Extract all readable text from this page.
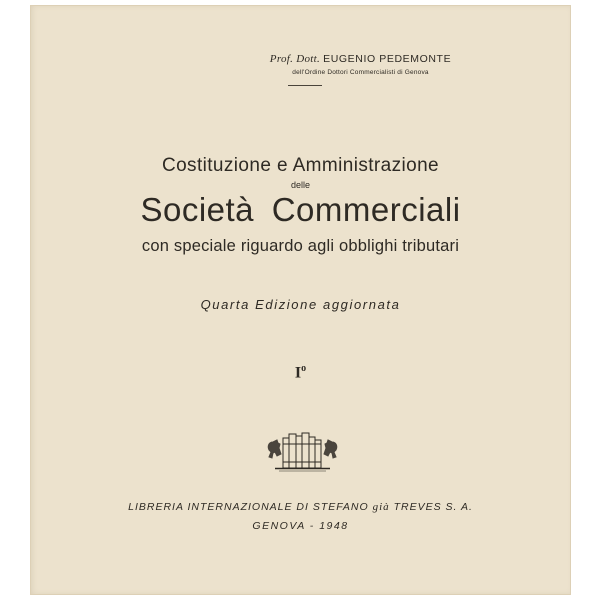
Prof. Dott. EUGENIO PEDEMONTE
dell'Ordine Dottori Commercialisti di Genova
Costituzione e Amministrazione
delle
Società Commerciali
con speciale riguardo agli obblighi tributari
Quarta Edizione aggiornata
$I^o$
LIBRERIA INTERNAZIONALE DI STEFANO già TREVES S. A.
GENOVA - 1948
